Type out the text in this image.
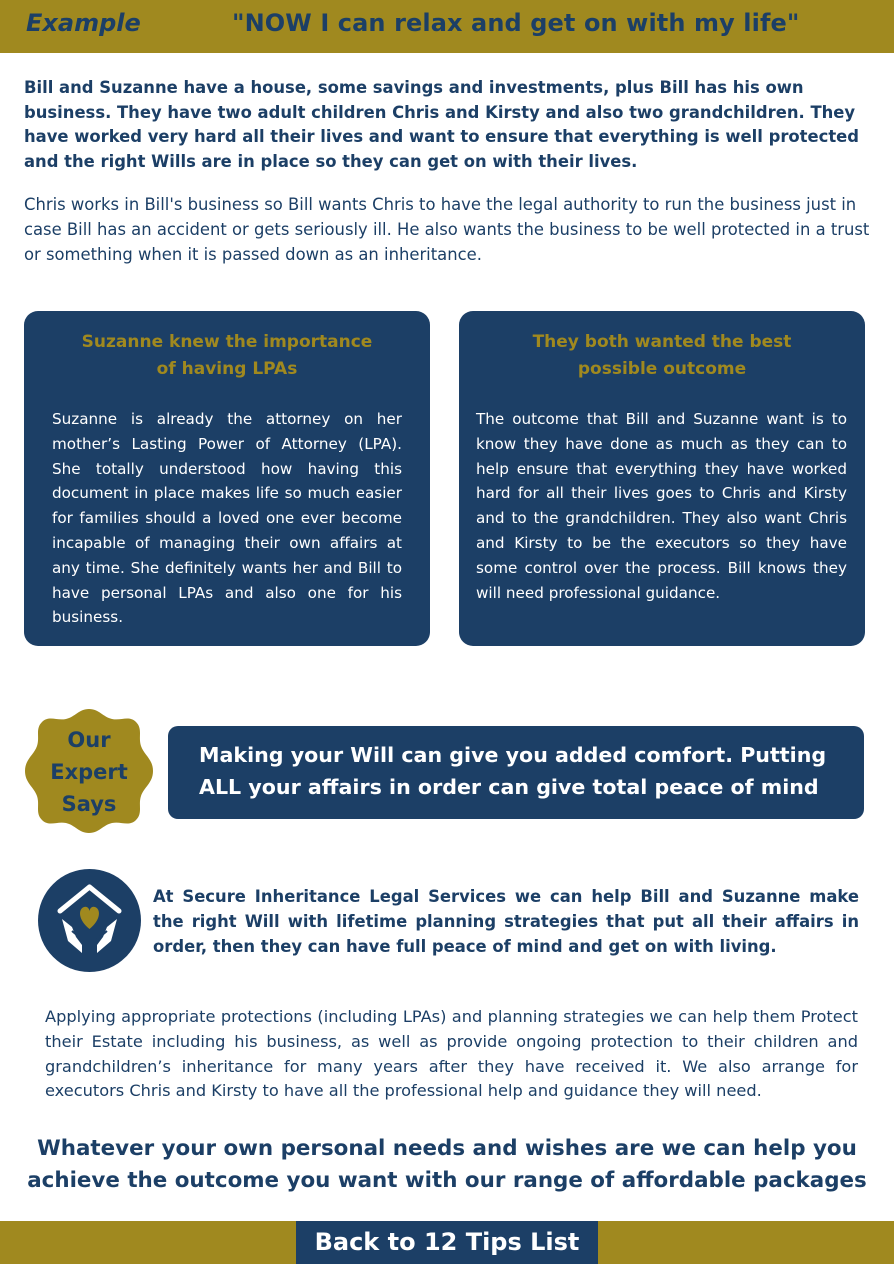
Example	"NOW I can relax and get on with my life"

Bill and Suzanne have a house, some savings and investments, plus Bill has his own business. They have two adult children Chris and Kirsty and also two grandchildren. They have worked very hard all their lives and want to ensure that everything is well protected and the right Wills are in place so they can get on with their lives.

Chris works in Bill's business so Bill wants Chris to have the legal authority to run the business just in case Bill has an accident or gets seriously ill. He also wants the business to be well protected in a trust or something when it is passed down as an inheritance.

Suzanne knew the importance
of having LPAs

Suzanne is already the attorney on her mother’s Lasting Power of Attorney (LPA). She totally understood how having this document in place makes life so much easier for families should a loved one ever become incapable of managing their own affairs at any time. She definitely wants her and Bill to have personal LPAs and also one for his business.

They both wanted the best
possible outcome

The outcome that Bill and Suzanne want is to know they have done as much as they can to help ensure that everything they have worked hard for all their lives goes to Chris and Kirsty and to the grandchildren. They also want Chris and Kirsty to be the executors so they have some control over the process. Bill knows they will need professional guidance.

Our
Expert
Says

Making your Will can give you added comfort. Putting ALL your affairs in order can give total peace of mind

At Secure Inheritance Legal Services we can help Bill and Suzanne make the right Will with lifetime planning strategies that put all their affairs in order, then they can have full peace of mind and get on with living.

Applying appropriate protections (including LPAs) and planning strategies we can help them Protect their Estate including his business, as well as provide ongoing protection to their children and grandchildren’s inheritance for many years after they have received it. We also arrange for executors Chris and Kirsty to have all the professional help and guidance they will need.

Whatever your own personal needs and wishes are we can help you
achieve the outcome you want with our range of affordable packages
Back to 12 Tips List
